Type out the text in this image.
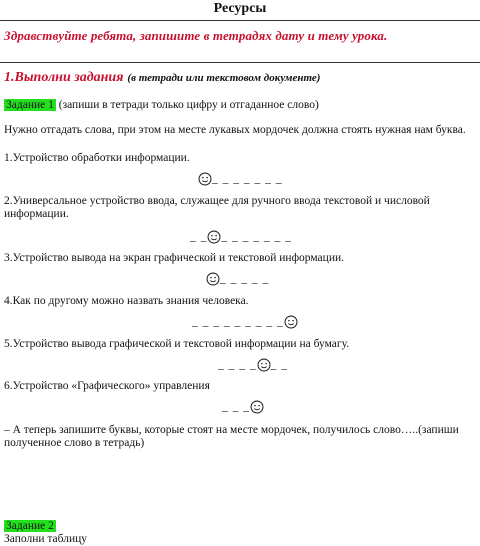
Ресурсы
Здравствуйте ребята, запишите в тетрадях дату и тему урока.
1.Выполни задания (в тетради или текстовом документе)
Задание 1 (запиши в тетради только цифру и отгаданное слово)
Нужно отгадать слова, при этом на месте лукавых мордочек должна стоять нужная нам буква.
1.Устройство обработки информации.
_ _ _ _ _ _ _
2.Универсальное устройство ввода, служащее для ручного ввода текстовой и числовой информации.
_ _ _ _ _ _ _ _ _
3.Устройство вывода на экран графической и текстовой информации.
_ _ _ _ _
4.Как по другому можно назвать знания человека.
_ _ _ _ _ _ _ _ _
5.Устройство вывода графической и текстовой информации на бумагу.
_ _ _ _ _ _
6.Устройство «Графического» управления
_ _ _
– А теперь запишите буквы, которые стоят на месте мордочек, получилось слово…..(запиши полученное слово в тетрадь)
Задание 2
Заполни таблицу
